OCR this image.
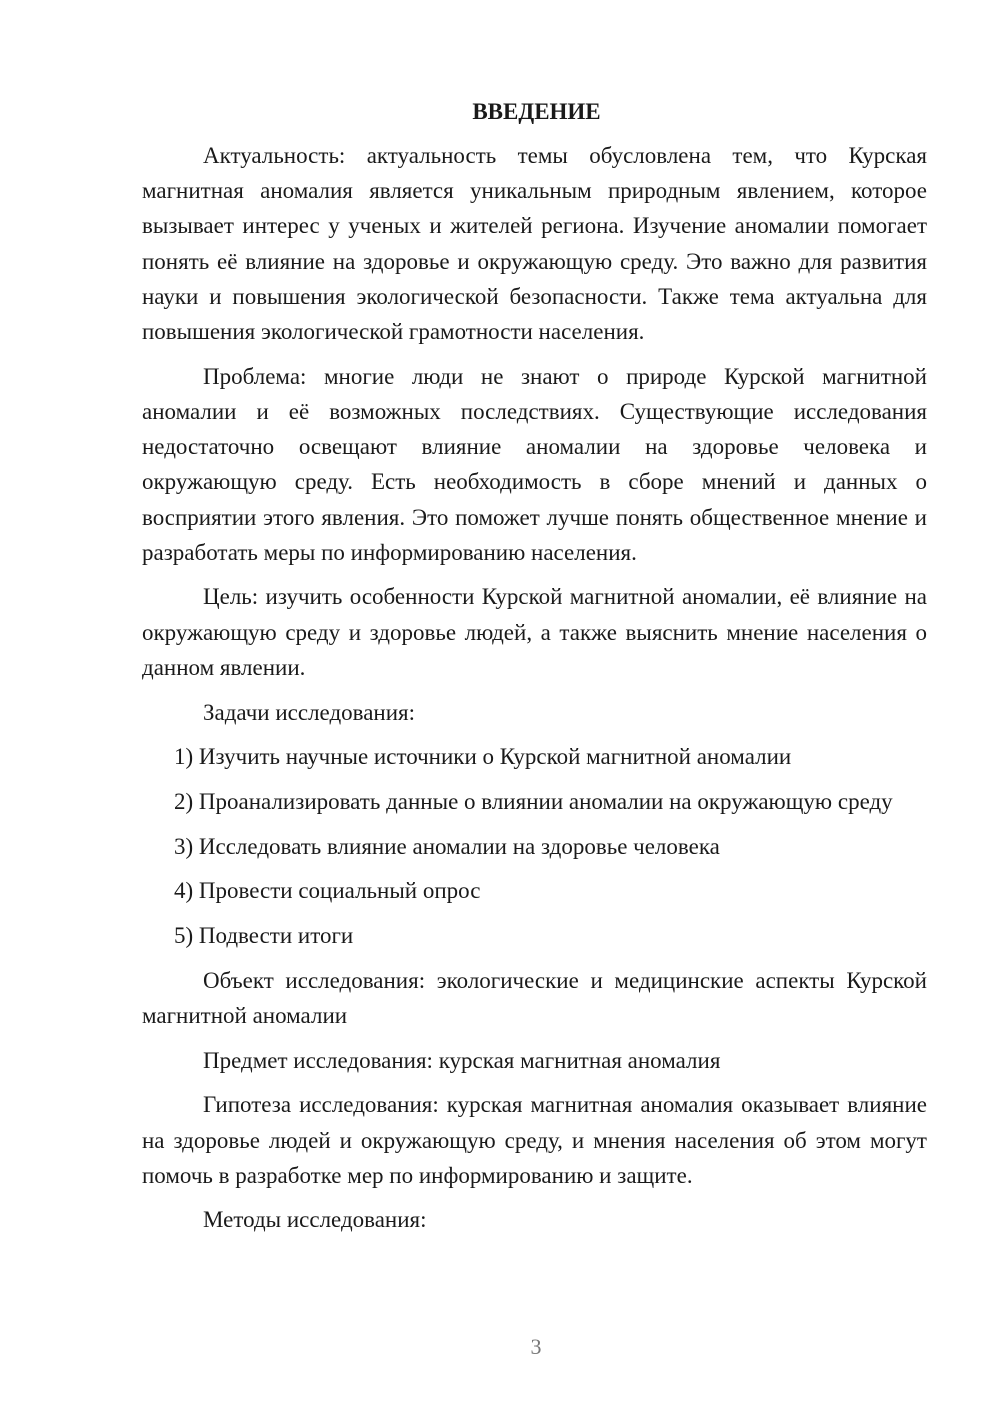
ВВЕДЕНИЕ

Актуальность: актуальность темы обусловлена тем, что Курская магнитная аномалия является уникальным природным явлением, которое вызывает интерес у ученых и жителей региона. Изучение аномалии помогает понять её влияние на здоровье и окружающую среду. Это важно для развития науки и повышения экологической безопасности. Также тема актуальна для повышения экологической грамотности населения.

Проблема: многие люди не знают о природе Курской магнитной аномалии и её возможных последствиях. Существующие исследования недостаточно освещают влияние аномалии на здоровье человека и окружающую среду. Есть необходимость в сборе мнений и данных о восприятии этого явления. Это поможет лучше понять общественное мнение и разработать меры по информированию населения.

Цель: изучить особенности Курской магнитной аномалии, её влияние на окружающую среду и здоровье людей, а также выяснить мнение населения о данном явлении.

Задачи исследования:

1) Изучить научные источники о Курской магнитной аномалии

2) Проанализировать данные о влиянии аномалии на окружающую среду

3) Исследовать влияние аномалии на здоровье человека

4) Провести социальный опрос

5) Подвести итоги

Объект исследования: экологические и медицинские аспекты Курской магнитной аномалии

Предмет исследования: курская магнитная аномалия

Гипотеза исследования: курская магнитная аномалия оказывает влияние на здоровье людей и окружающую среду, и мнения населения об этом могут помочь в разработке мер по информированию и защите.

Методы исследования:

3
